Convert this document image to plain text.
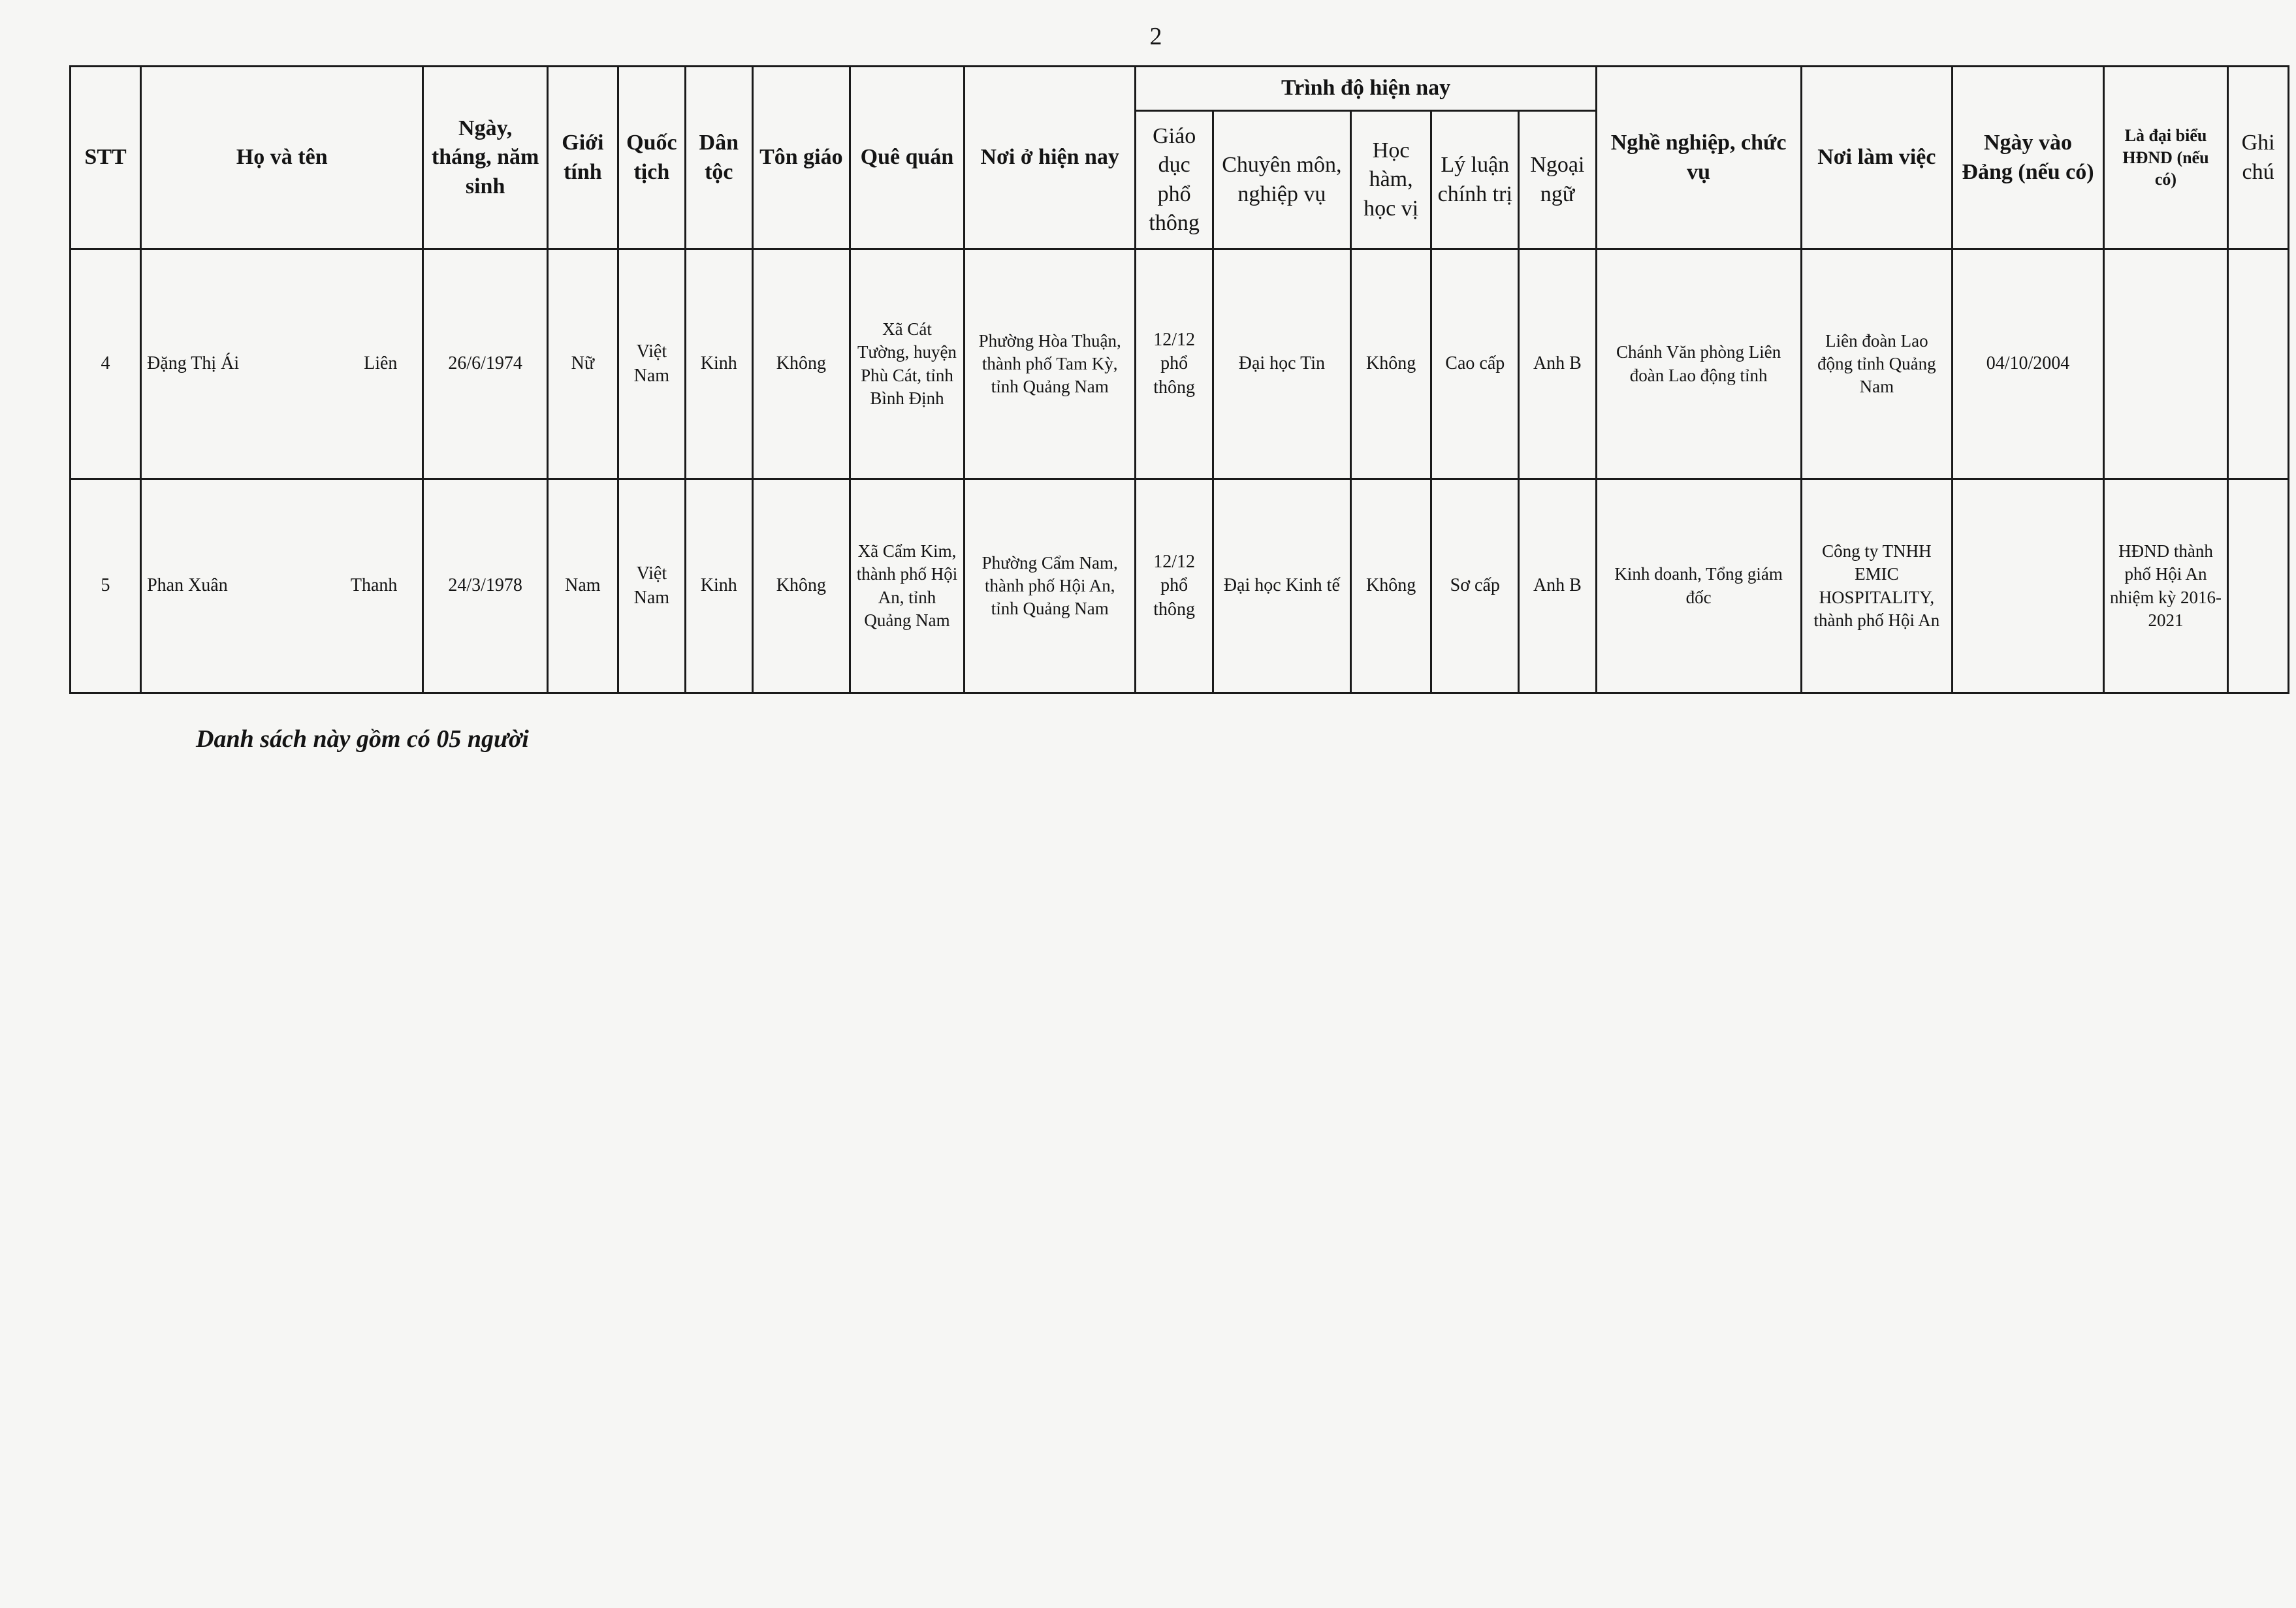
2
STT	Họ và tên	Ngày, tháng, năm sinh	Giới tính	Quốc tịch	Dân tộc	Tôn giáo	Quê quán	Nơi ở hiện nay	Trình độ hiện nay					Nghề nghiệp, chức vụ	Nơi làm việc	Ngày vào Đảng (nếu có)	Là đại biểu HĐND (nếu có)	Ghi chú
									Giáo dục phổ thông	Chuyên môn, nghiệp vụ	Học hàm, học vị	Lý luận chính trị	Ngoại ngữ					
4	Đặng Thị Ái Liên	26/6/1974	Nữ	Việt Nam	Kinh	Không	Xã Cát Tường, huyện Phù Cát, tỉnh Bình Định	Phường Hòa Thuận, thành phố Tam Kỳ, tỉnh Quảng Nam	12/12 phổ thông	Đại học Tin	Không	Cao cấp	Anh B	Chánh Văn phòng Liên đoàn Lao động tỉnh	Liên đoàn Lao động tỉnh Quảng Nam	04/10/2004		
5	Phan Xuân Thanh	24/3/1978	Nam	Việt Nam	Kinh	Không	Xã Cẩm Kim, thành phố Hội An, tỉnh Quảng Nam	Phường Cẩm Nam, thành phố Hội An, tỉnh Quảng Nam	12/12 phổ thông	Đại học Kinh tế	Không	Sơ cấp	Anh B	Kinh doanh, Tổng giám đốc	Công ty TNHH EMIC HOSPITALITY, thành phố Hội An		HĐND thành phố Hội An nhiệm kỳ 2016- 2021	
Danh sách này gồm có 05 người
